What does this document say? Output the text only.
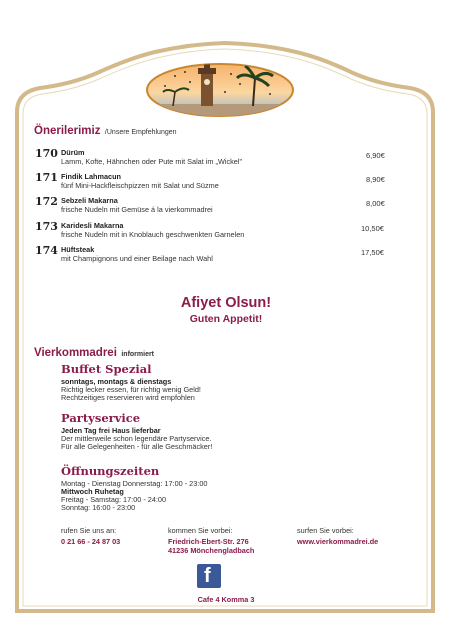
Önerilerimiz /Unsere Empfehlungen
170 Dürüm
Lamm, Kofte, Hähnchen oder Pute mit Salat im „Wickel"
6,90€
171 Findik Lahmacun
fünf Mini-Hackfleischpizzen mit Salat und Süzme
8,90€
172 Sebzeli Makarna
frische Nudeln mit Gemüse á la vierkommadrei
8,00€
173 Karidesli Makarna
frische Nudeln mit in Knoblauch geschwenkten Garnelen
10,50€
174 Hüftsteak
mit Champignons und einer Beilage nach Wahl
17,50€
Afiyet Olsun!
Guten Appetit!
Vierkommadrei informiert
Buffet Spezial
sonntags, montags & dienstags
Richtig lecker essen, für richtig wenig Geld!
Rechtzeitiges reservieren wird empfohlen
Partyservice
Jeden Tag frei Haus lieferbar
Der mittlerweile schon legendäre Partyservice.
Für alle Gelegenheiten - für alle Geschmäcker!
Öffnungszeiten
Montag - Dienstag Donnerstag: 17:00 - 23:00
Mittwoch Ruhetag
Freitag - Samstag: 17:00 - 24:00
Sonntag: 16:00 - 23:00
rufen Sie uns an:
0 21 66 - 24 87 03
kommen Sie vorbei:
Friedrich-Ebert-Str. 276
41236 Mönchengladbach
surfen Sie vorbei:
www.vierkommadrei.de
f
Cafe 4 Komma 3
